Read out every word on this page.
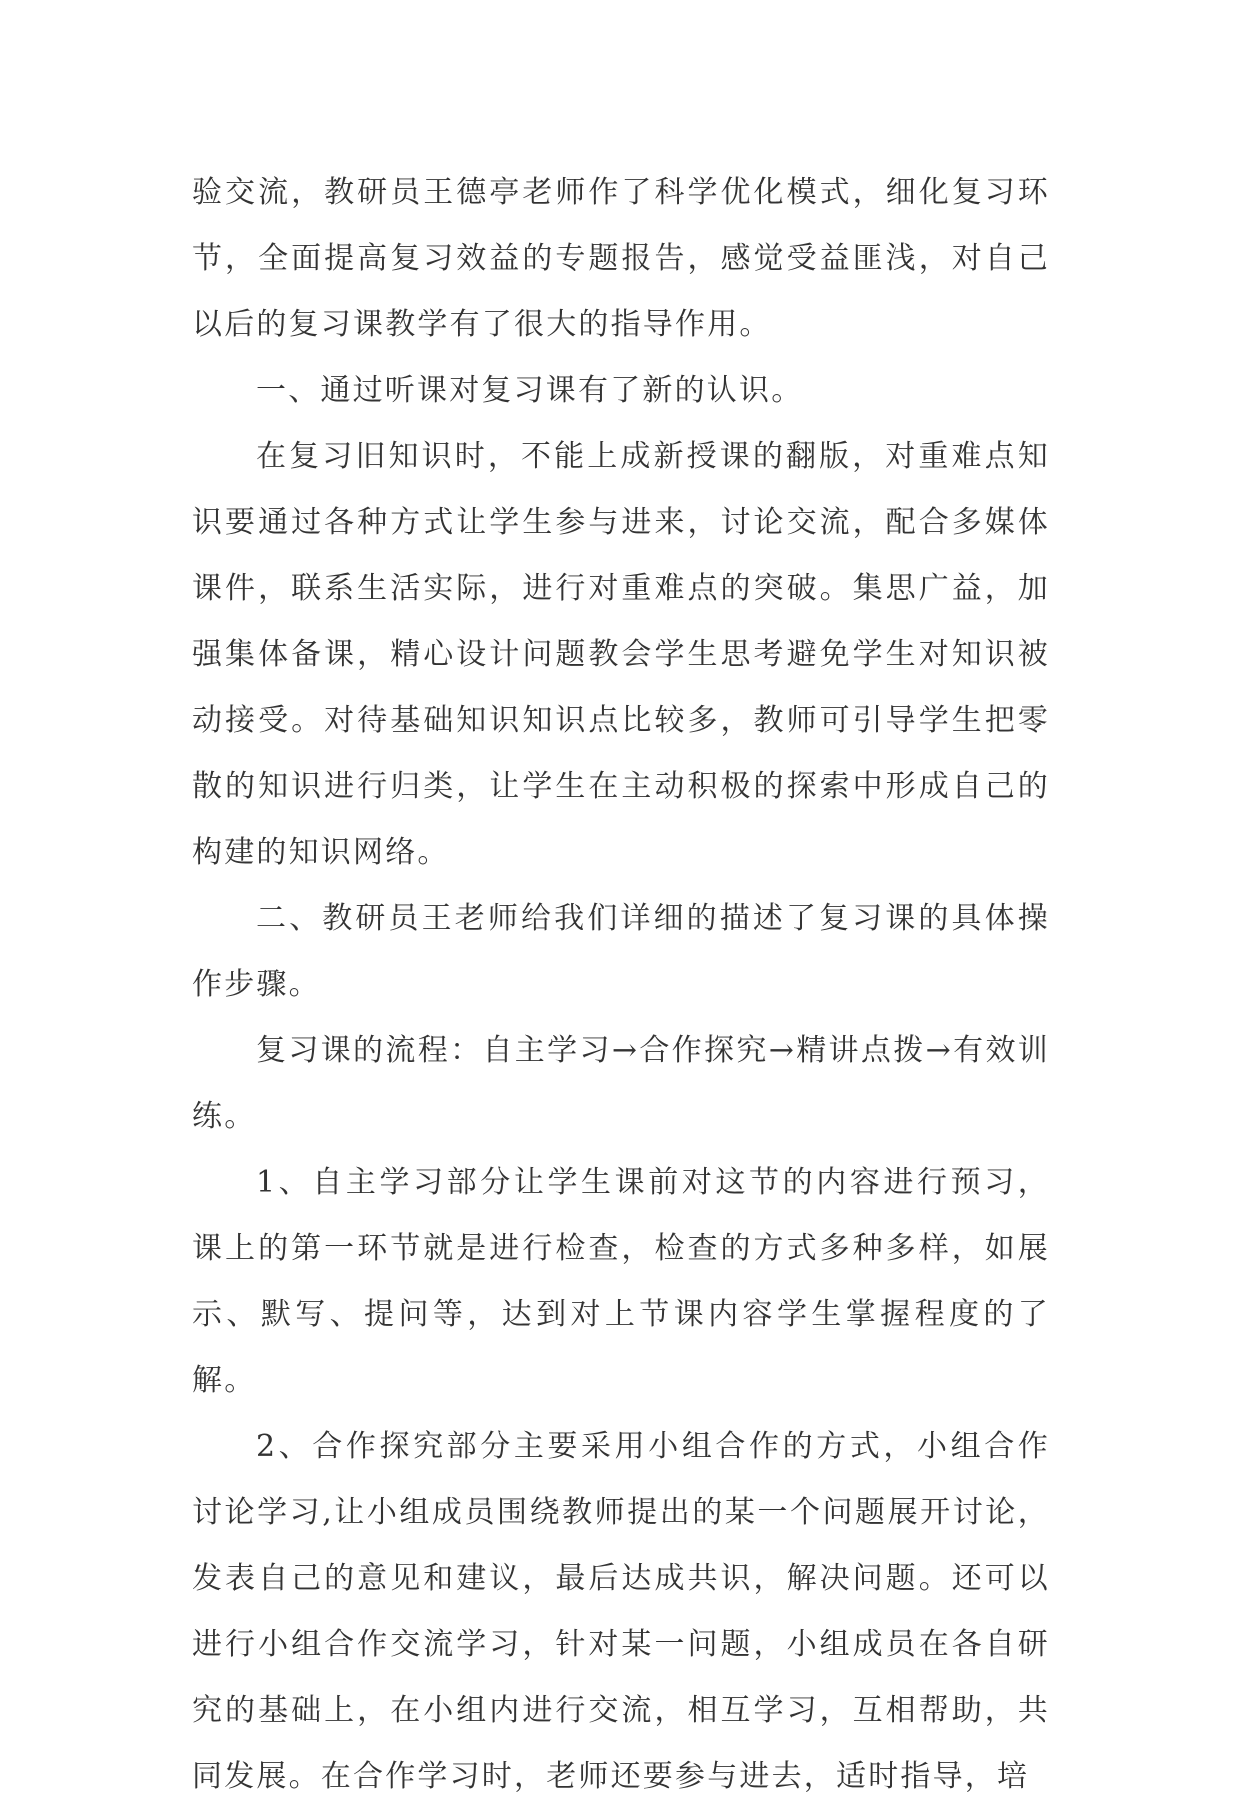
验交流，教研员王德亭老师作了科学优化模式，细化复习环节，全面提高复习效益的专题报告，感觉受益匪浅，对自己以后的复习课教学有了很大的指导作用。

一、通过听课对复习课有了新的认识。

在复习旧知识时，不能上成新授课的翻版，对重难点知识要通过各种方式让学生参与进来，讨论交流，配合多媒体课件，联系生活实际，进行对重难点的突破。集思广益，加强集体备课，精心设计问题教会学生思考避免学生对知识被动接受。对待基础知识知识点比较多，教师可引导学生把零散的知识进行归类，让学生在主动积极的探索中形成自己的构建的知识网络。

二、教研员王老师给我们详细的描述了复习课的具体操作步骤。

复习课的流程：自主学习→合作探究→精讲点拨→有效训练。

1、自主学习部分让学生课前对这节的内容进行预习，课上的第一环节就是进行检查，检查的方式多种多样，如展示、默写、提问等，达到对上节课内容学生掌握程度的了解。

2、合作探究部分主要采用小组合作的方式，小组合作讨论学习,让小组成员围绕教师提出的某一个问题展开讨论，发表自己的意见和建议，最后达成共识，解决问题。还可以进行小组合作交流学习，针对某一问题，小组成员在各自研究的基础上，在小组内进行交流，相互学习，互相帮助，共同发展。在合作学习时，老师还要参与进去，适时指导，培
